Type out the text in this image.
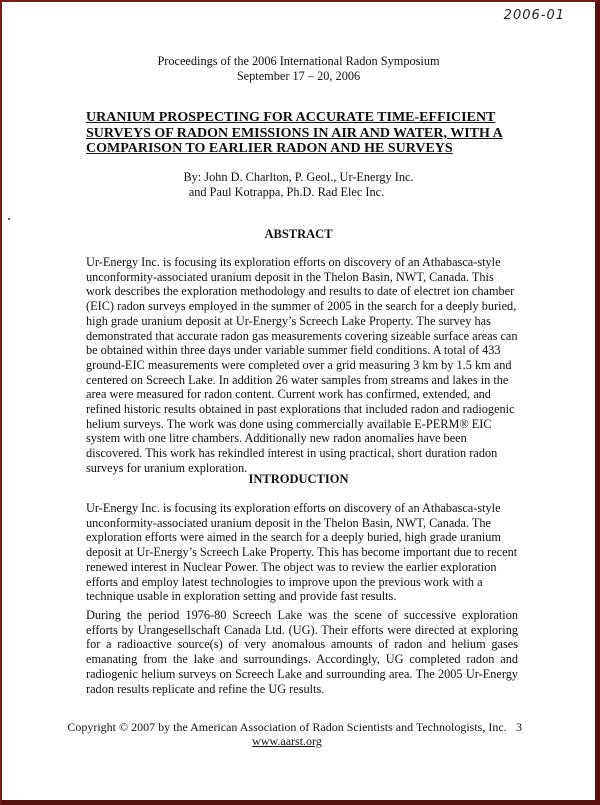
2006-01
Proceedings of the 2006 International Radon Symposium
September 17 – 20, 2006
URANIUM PROSPECTING FOR ACCURATE TIME-EFFICIENT SURVEYS OF RADON EMISSIONS IN AIR AND WATER, WITH A COMPARISON TO EARLIER RADON AND HE SURVEYS
By: John D. Charlton, P. Geol., Ur-Energy Inc.
and Paul Kotrappa, Ph.D. Rad Elec Inc.
ABSTRACT

Ur-Energy Inc. is focusing its exploration efforts on discovery of an Athabasca-style unconformity-associated uranium deposit in the Thelon Basin, NWT, Canada. This work describes the exploration methodology and results to date of electret ion chamber (EIC) radon surveys employed in the summer of 2005 in the search for a deeply buried, high grade uranium deposit at Ur-Energy’s Screech Lake Property. The survey has demonstrated that accurate radon gas measurements covering sizeable surface areas can be obtained within three days under variable summer field conditions. A total of 433 ground-EIC measurements were completed over a grid measuring 3 km by 1.5 km and centered on Screech Lake. In addition 26 water samples from streams and lakes in the area were measured for radon content. Current work has confirmed, extended, and refined historic results obtained in past explorations that included radon and radiogenic helium surveys. The work was done using commercially available E-PERM® EIC system with one litre chambers. Additionally new radon anomalies have been discovered. This work has rekindled interest in using practical, short duration radon surveys for uranium exploration.

INTRODUCTION

Ur-Energy Inc. is focusing its exploration efforts on discovery of an Athabasca-style unconformity-associated uranium deposit in the Thelon Basin, NWT, Canada. The exploration efforts were aimed in the search for a deeply buried, high grade uranium deposit at Ur-Energy’s Screech Lake Property. This has become important due to recent renewed interest in Nuclear Power. The object was to review the earlier exploration efforts and employ latest technologies to improve upon the previous work with a technique usable in exploration setting and provide fast results.

During the period 1976-80 Screech Lake was the scene of successive exploration efforts by Urangesellschaft Canada Ltd. (UG). Their efforts were directed at exploring for a radioactive source(s) of very anomalous amounts of radon and helium gases emanating from the lake and surroundings. Accordingly, UG completed radon and radiogenic helium surveys on Screech Lake and surrounding area. The 2005 Ur-Energy radon results replicate and refine the UG results.

Copyright © 2007 by the American Association of Radon Scientists and Technologists, Inc. 3
www.aarst.org
